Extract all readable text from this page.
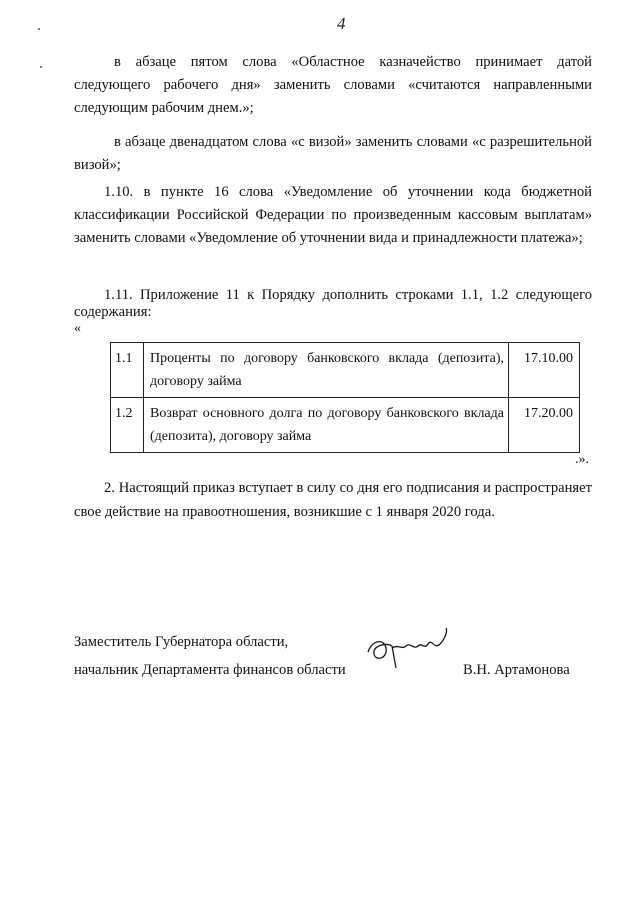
4

в абзаце пятом слова «Областное казначейство принимает датой следующего рабочего дня» заменить словами «считаются направленными следующим рабочим днем.»;

в абзаце двенадцатом слова «с визой» заменить словами «с разрешительной визой»;

1.10. в пункте 16 слова «Уведомление об уточнении кода бюджетной классификации Российской Федерации по произведенным кассовым выплатам» заменить словами «Уведомление об уточнении вида и принадлежности платежа»;

1.11. Приложение 11 к Порядку дополнить строками 1.1, 1.2 следующего содержания:

«
1.1	Проценты по договору банковского вклада (депозита), договору займа	17.10.00
1.2	Возврат основного долга по договору банковского вклада (депозита), договору займа	17.20.00
.».

2. Настоящий приказ вступает в силу со дня его подписания и распространяет свое действие на правоотношения, возникшие с 1 января 2020 года.

Заместитель Губернатора области,
начальник Департамента финансов области	В.Н. Артамонова
